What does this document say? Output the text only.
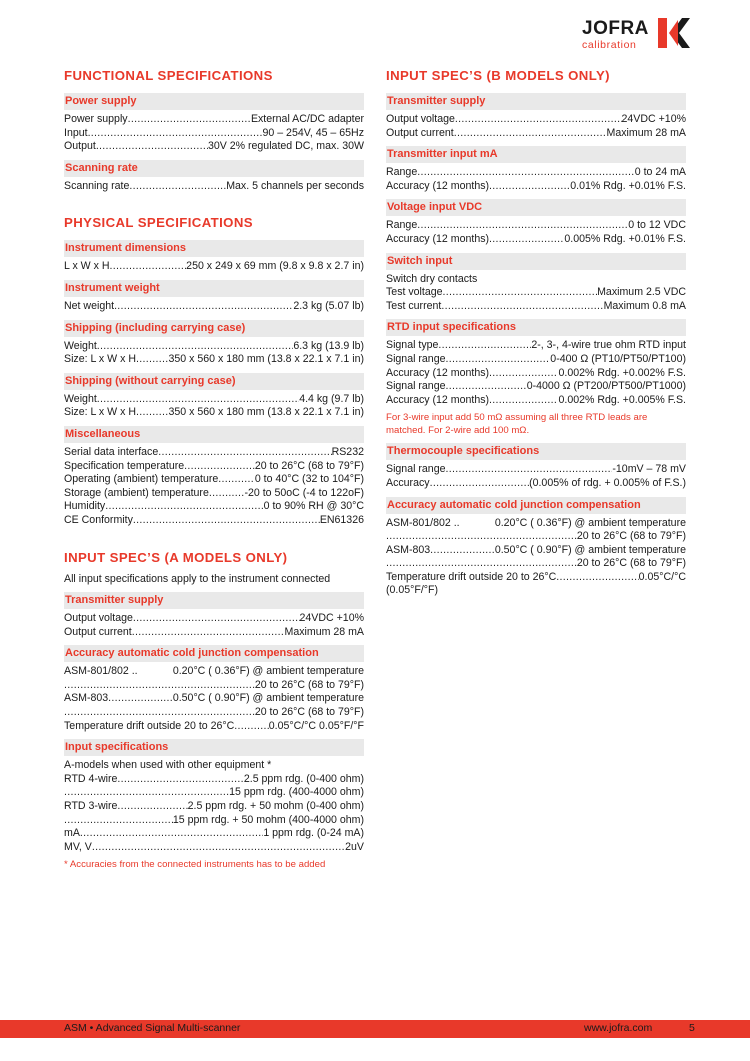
JOFRA
calibration
FUNCTIONAL SPECIFICATIONS
Power supply
Power supply .....	External AC/DC adapter
Input .....	90 – 254V, 45 – 65Hz
Output .....	30V 2% regulated DC, max. 30W
Scanning rate
Scanning rate .....	Max. 5 channels per seconds
PHYSICAL SPECIFICATIONS
Instrument dimensions
L x W x H .....	250 x 249 x 69 mm (9.8 x 9.8 x 2.7 in)
Instrument weight
Net weight .....	2.3 kg (5.07 lb)
Shipping (including carrying case)
Weight .....	6.3 kg (13.9 lb)
Size: L x W x H .....	350 x 560 x 180 mm (13.8 x 22.1 x 7.1 in)
Shipping (without carrying case)
Weight .....	4.4 kg (9.7 lb)
Size: L x W x H .....	350 x 560 x 180 mm (13.8 x 22.1 x 7.1 in)
Miscellaneous
Serial data interface .....	RS232
Specification temperature .....	20 to 26°C (68 to 79°F)
Operating (ambient) temperature .....	0 to 40°C (32 to 104°F)
Storage (ambient) temperature .....	-20 to 50oC (-4 to 122oF)
Humidity .....	0 to 90% RH @ 30°C
CE Conformity .....	EN61326
INPUT SPEC’S (A MODELS ONLY)
All input specifications apply to the instrument connected
Transmitter supply
Output voltage .....	24VDC +10%
Output current .....	Maximum 28 mA
Accuracy automatic cold junction compensation
ASM-801/802 ..	0.20°C ( 0.36°F) @ ambient temperature
.....
20 to 26°C (68 to 79°F)
ASM-803 .....	0.50°C ( 0.90°F) @ ambient temperature
.....
20 to 26°C (68 to 79°F)
Temperature drift outside 20 to 26°C .....	0.05°C/°C 0.05°F/°F
Input specifications
A-models when used with other equipment *
RTD 4-wire .....	2.5 ppm rdg. (0-400 ohm)
.....
15 ppm rdg. (400-4000 ohm)
RTD 3-wire .....	2.5 ppm rdg. + 50 mohm (0-400 ohm)
.....
15 ppm rdg. + 50 mohm (400-4000 ohm)
mA .....	1 ppm rdg. (0-24 mA)
MV, V .....	2uV
* Accuracies from the connected instruments has to be added
INPUT SPEC’S (B MODELS ONLY)
Transmitter supply
Output voltage .....	24VDC +10%
Output current .....	Maximum 28 mA
Transmitter input mA
Range .....	0 to 24 mA
Accuracy (12 months) .....	0.01% Rdg. +0.01% F.S.
Voltage input VDC
Range .....	0 to 12 VDC
Accuracy (12 months) .....	0.005% Rdg. +0.01% F.S.
Switch input
Switch dry contacts
Test voltage .....	Maximum 2.5 VDC
Test current .....	Maximum 0.8 mA
RTD input specifications
Signal type .....	2-, 3-, 4-wire true ohm RTD input
Signal range .....	0-400 Ω (PT10/PT50/PT100)
Accuracy (12 months) .....	0.002% Rdg. +0.002% F.S.
Signal range .....	0-4000 Ω (PT200/PT500/PT1000)
Accuracy (12 months) .....	0.002% Rdg. +0.005% F.S.
For 3-wire input add 50 mΩ assuming all three RTD leads are matched. For 2-wire add 100 mΩ.
Thermocouple specifications
Signal range .....	-10mV – 78 mV
Accuracy .....	(0.005% of rdg. + 0.005% of F.S.)
Accuracy automatic cold junction compensation
ASM-801/802 ..	0.20°C ( 0.36°F) @ ambient temperature
.....
20 to 26°C (68 to 79°F)
ASM-803 .....	0.50°C ( 0.90°F) @ ambient temperature
.....
20 to 26°C (68 to 79°F)
Temperature drift outside 20 to 26°C .....	0.05°C/°C
(0.05°F/°F)
ASM • Advanced Signal Multi-scanner	www.jofra.com	5
